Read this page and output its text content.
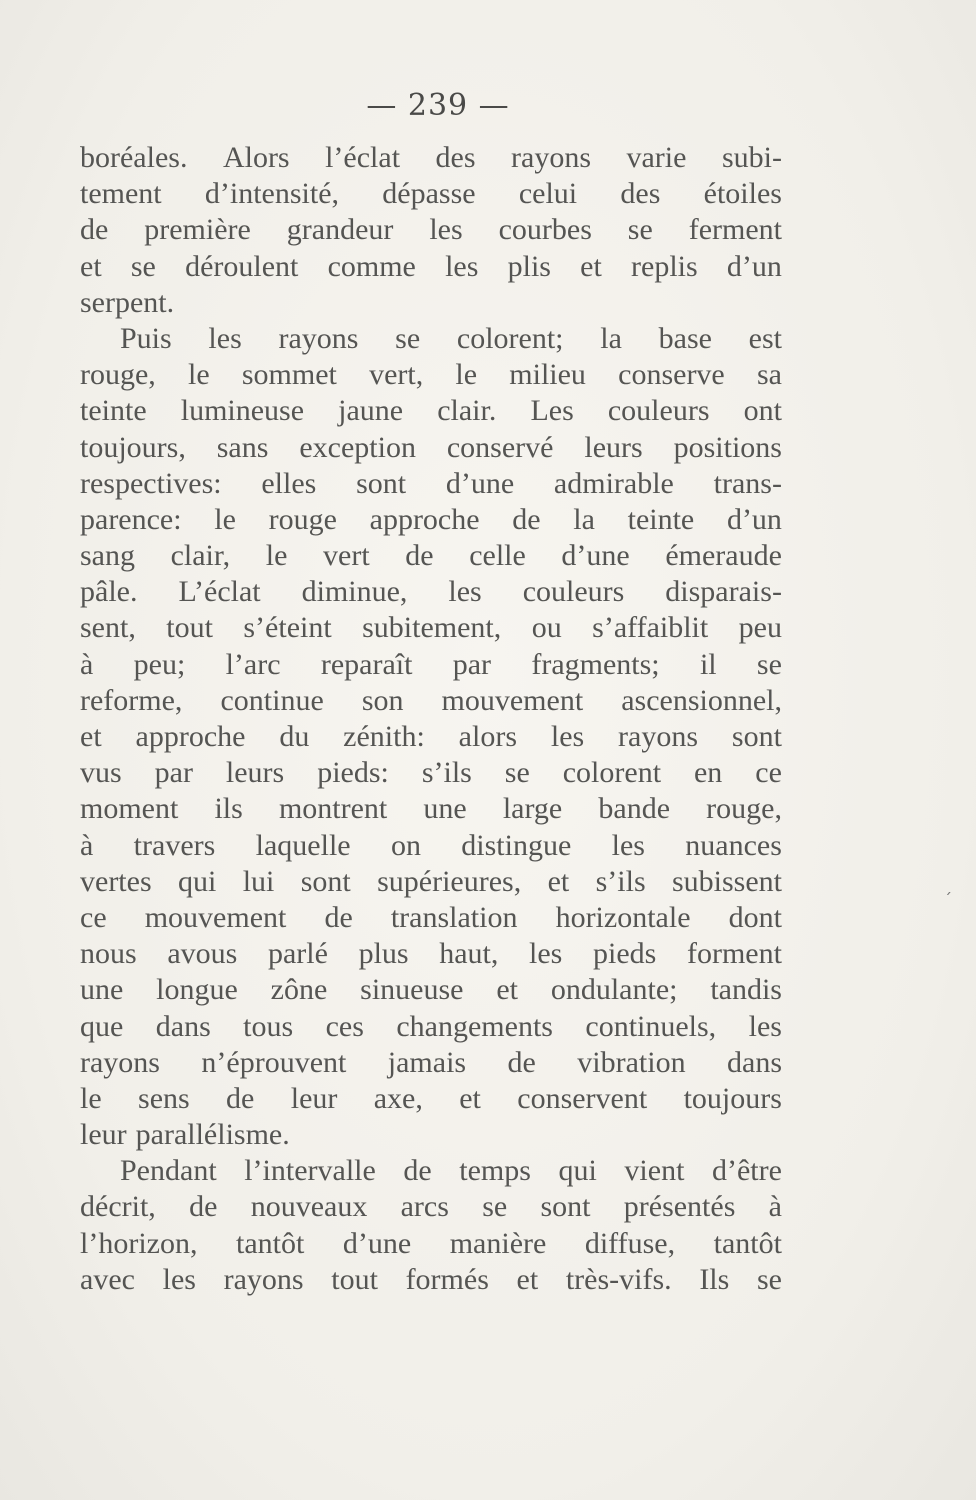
— 239 —
boréales. Alors l’éclat des rayons varie subi-
tement d’intensité, dépasse celui des étoiles
de première grandeur les courbes se ferment
et se déroulent comme les plis et replis d’un
serpent.
Puis les rayons se colorent; la base est
rouge, le sommet vert, le milieu conserve sa
teinte lumineuse jaune clair. Les couleurs ont
toujours, sans exception conservé leurs positions
respectives: elles sont d’une admirable trans-
parence: le rouge approche de la teinte d’un
sang clair, le vert de celle d’une émeraude
pâle. L’éclat diminue, les couleurs disparais-
sent, tout s’éteint subitement, ou s’affaiblit peu
à peu; l’arc reparaît par fragments; il se
reforme, continue son mouvement ascensionnel,
et approche du zénith: alors les rayons sont
vus par leurs pieds: s’ils se colorent en ce
moment ils montrent une large bande rouge,
à travers laquelle on distingue les nuances
vertes qui lui sont supérieures, et s’ils subissent
ce mouvement de translation horizontale dont
nous avous parlé plus haut, les pieds forment
une longue zône sinueuse et ondulante; tandis
que dans tous ces changements continuels, les
rayons n’éprouvent jamais de vibration dans
le sens de leur axe, et conservent toujours
leur parallélisme.
Pendant l’intervalle de temps qui vient d’être
décrit, de nouveaux arcs se sont présentés à
l’horizon, tantôt d’une manière diffuse, tantôt
avec les rayons tout formés et très-vifs. Ils se
ˏ
